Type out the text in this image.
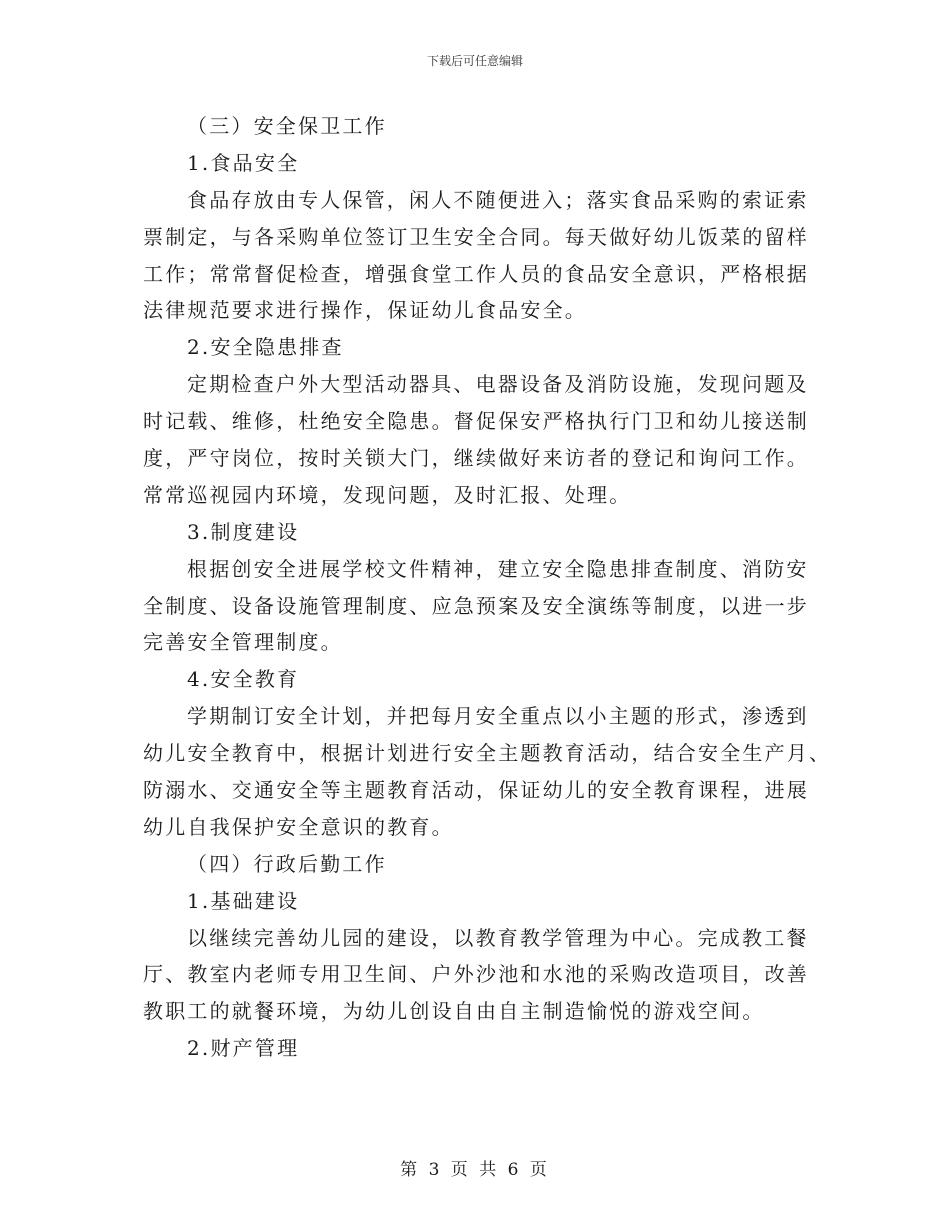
下载后可任意编辑
（三）安全保卫工作
1.食品安全
食品存放由专人保管，闲人不随便进入；落实食品采购的索证索
票制定，与各采购单位签订卫生安全合同。每天做好幼儿饭菜的留样
工作；常常督促检查，增强食堂工作人员的食品安全意识，严格根据
法律规范要求进行操作，保证幼儿食品安全。
2.安全隐患排查
定期检查户外大型活动器具、电器设备及消防设施，发现问题及
时记载、维修，杜绝安全隐患。督促保安严格执行门卫和幼儿接送制
度，严守岗位，按时关锁大门，继续做好来访者的登记和询问工作。
常常巡视园内环境，发现问题，及时汇报、处理。
3.制度建设
根据创安全进展学校文件精神，建立安全隐患排查制度、消防安
全制度、设备设施管理制度、应急预案及安全演练等制度，以进一步
完善安全管理制度。
4.安全教育
学期制订安全计划，并把每月安全重点以小主题的形式，渗透到
幼儿安全教育中，根据计划进行安全主题教育活动，结合安全生产月、
防溺水、交通安全等主题教育活动，保证幼儿的安全教育课程，进展
幼儿自我保护安全意识的教育。
（四）行政后勤工作
1.基础建设
以继续完善幼儿园的建设，以教育教学管理为中心。完成教工餐
厅、教室内老师专用卫生间、户外沙池和水池的采购改造项目，改善
教职工的就餐环境，为幼儿创设自由自主制造愉悦的游戏空间。
2.财产管理
第 3 页 共 6 页
